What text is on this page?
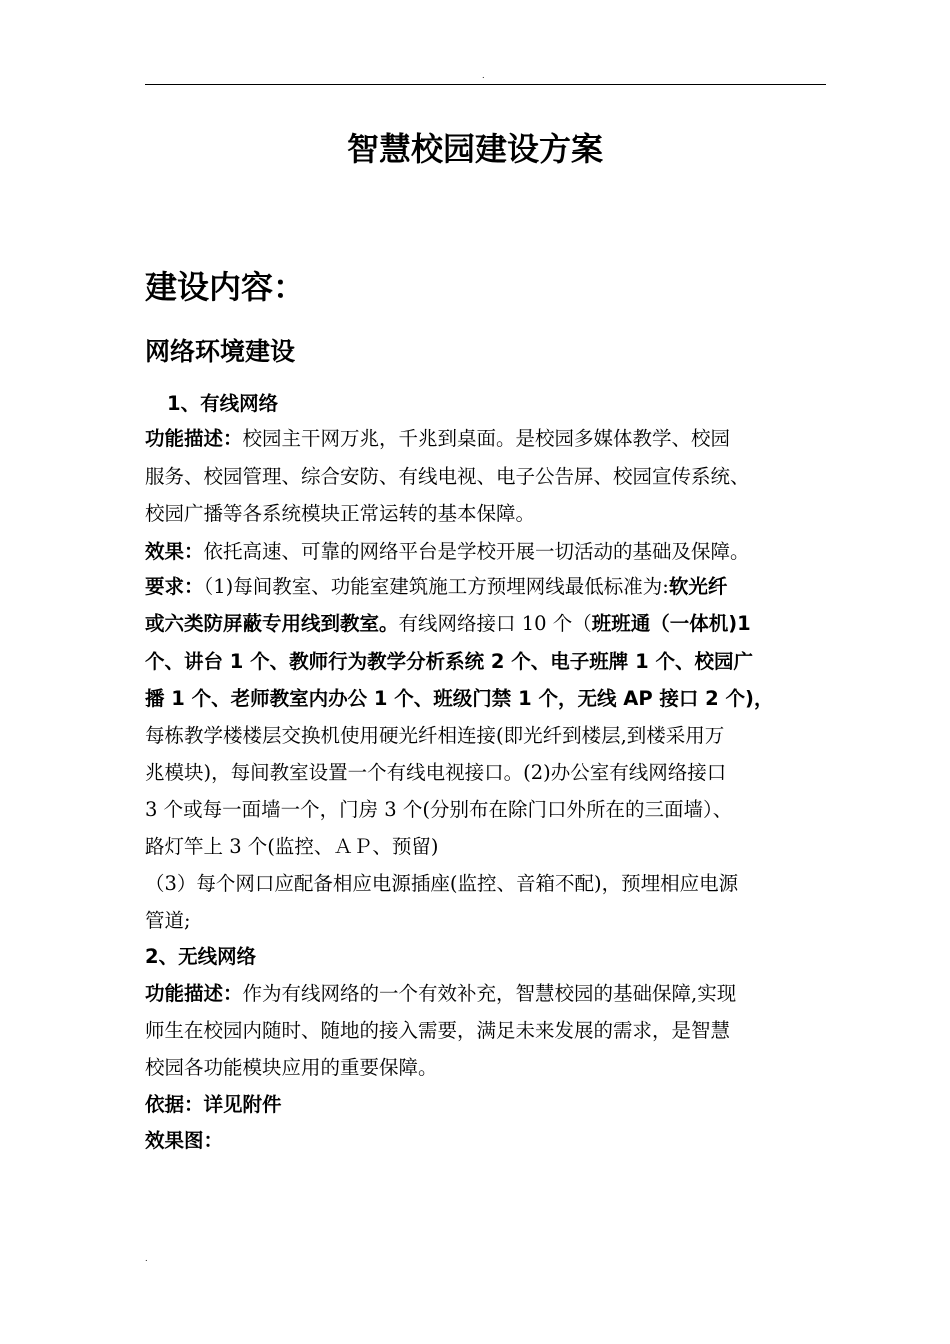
.
智慧校园建设方案
建设内容：
网络环境建设
1、有线网络
功能描述：校园主干网万兆，千兆到桌面。是校园多媒体教学、校园
服务、校园管理、综合安防、有线电视、电子公告屏、校园宣传系统、
校园广播等各系统模块正常运转的基本保障。
效果：依托高速、可靠的网络平台是学校开展一切活动的基础及保障。
要求：（1)每间教室、功能室建筑施工方预埋网线最低标准为:软光纤
或六类防屏蔽专用线到教室。有线网络接口 10 个（班班通（一体机)1
个、讲台 1 个、教师行为教学分析系统 2 个、电子班牌 1 个、校园广
播 1 个、老师教室内办公 1 个、班级门禁 1 个，无线 AP 接口 2 个)，
每栋教学楼楼层交换机使用硬光纤相连接(即光纤到楼层,到楼采用万
兆模块)，每间教室设置一个有线电视接口。(2)办公室有线网络接口
3 个或每一面墙一个，门房 3 个(分别布在除门口外所在的三面墙）、
路灯竿上 3 个(监控、ＡＰ、预留)
（3）每个网口应配备相应电源插座(监控、音箱不配)，预埋相应电源
管道;
2、无线网络
功能描述：作为有线网络的一个有效补充，智慧校园的基础保障,实现
师生在校园内随时、随地的接入需要，满足未来发展的需求，是智慧
校园各功能模块应用的重要保障。
依据：详见附件
效果图：
.
